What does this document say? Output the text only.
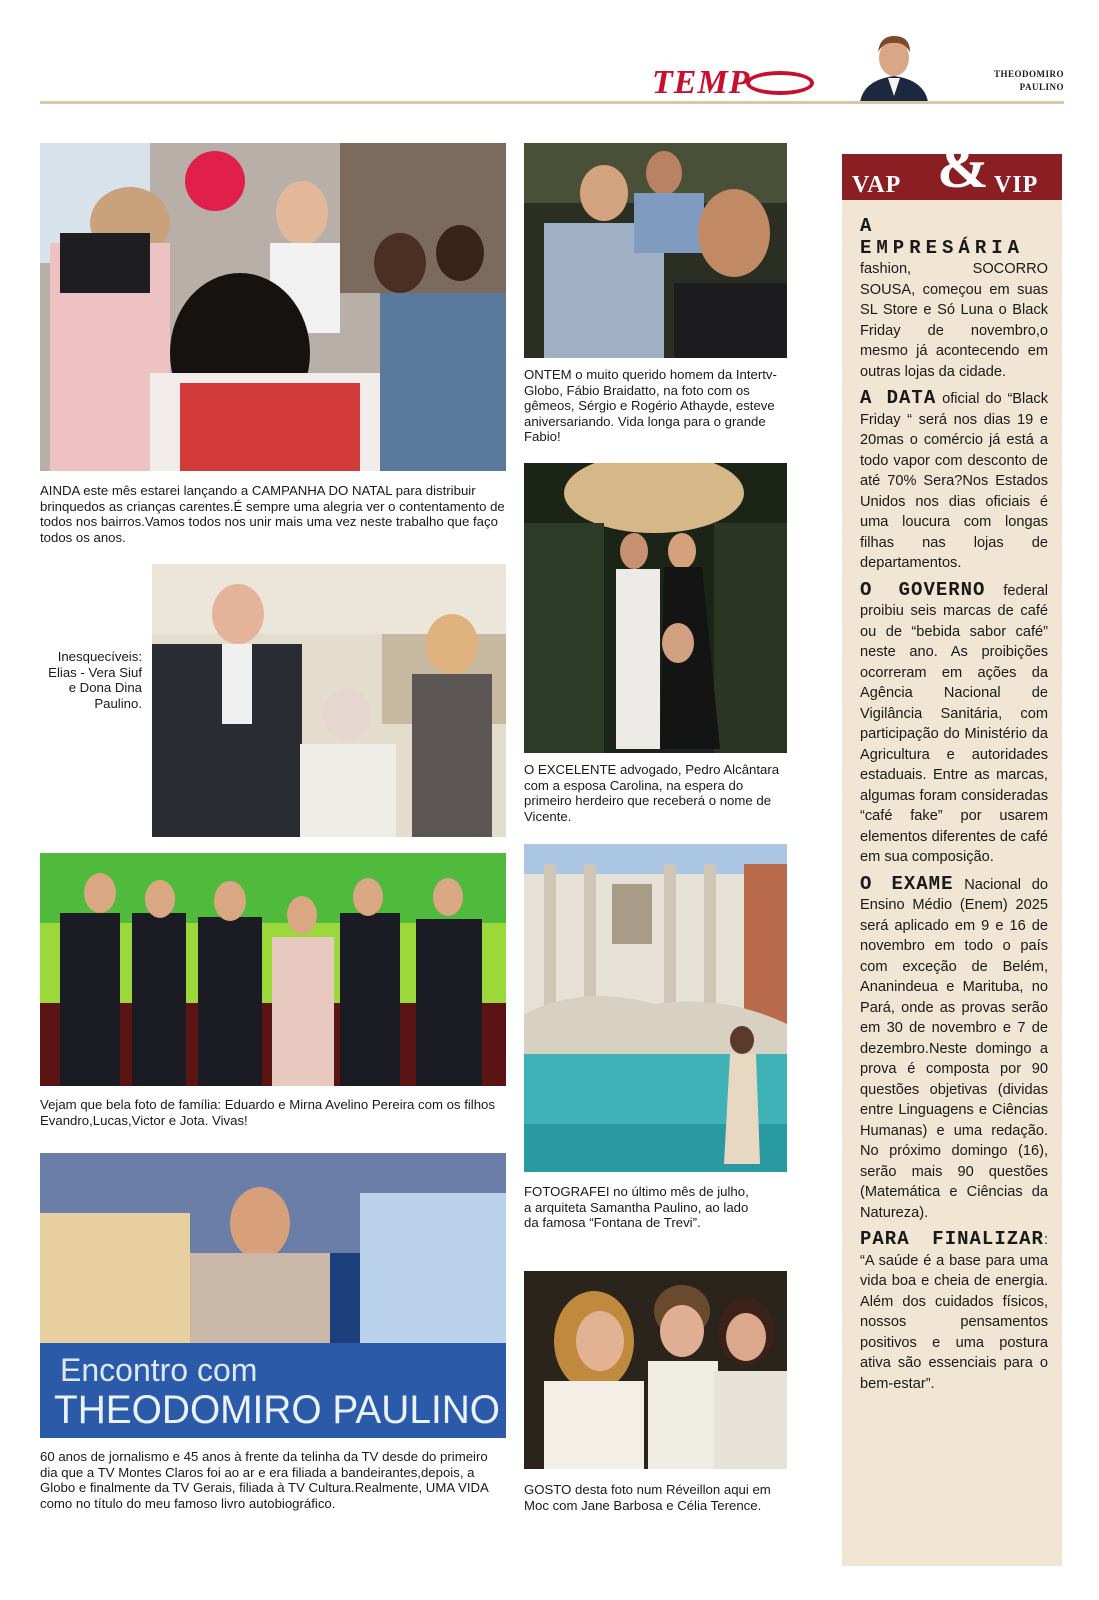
TEMP	THEODOMIRO
PAULINO
AINDA este mês estarei lançando a CAMPANHA DO NATAL para distribuir brinquedos as crianças carentes.É sempre uma alegria ver o contentamento de todos nos bairros.Vamos todos nos unir mais uma vez neste trabalho que faço todos os anos.
Inesquecíveis: Elias - Vera Siuf e Dona Dina Paulino.
Vejam que bela foto de família: Eduardo e Mirna Avelino Pereira com os filhos Evandro,Lucas,Victor e Jota. Vivas!
Encontro com
THEODOMIRO PAULINO
60 anos de jornalismo e 45 anos à frente da telinha da TV desde do primeiro dia que a TV Montes Claros foi ao ar e era filiada a bandeirantes,depois, a Globo e finalmente da TV Gerais, filiada à TV Cultura.Realmente, UMA VIDA como no título do meu famoso livro autobiográfico.
ONTEM o muito querido homem da Intertv-Globo, Fábio Braidatto, na foto com os gêmeos, Sérgio e Rogério Athayde, esteve aniversariando. Vida longa para o grande Fabio!
O EXCELENTE advogado, Pedro Alcântara com a esposa Carolina, na espera do primeiro herdeiro que receberá o nome de Vicente.
FOTOGRAFEI no último mês de julho, a arquiteta Samantha Paulino, ao lado da famosa “Fontana de Trevi”.
GOSTO desta foto num Réveillon aqui em Moc com Jane Barbosa e Célia Terence.
VAP & VIP

A EMPRESÁRIA fashion, SOCORRO SOUSA, começou em suas SL Store e Só Luna o Black Friday de novembro,o mesmo já acontecendo em outras lojas da cidade.

A DATA oficial do “Black Friday “ será nos dias 19 e 20mas o comércio já está a todo vapor com desconto de até 70% Sera?Nos Estados Unidos nos dias oficiais é uma loucura com longas filhas nas lojas de departamentos.

O GOVERNO federal proibiu seis marcas de café ou de “bebida sabor café” neste ano. As proibições ocorreram em ações da Agência Nacional de Vigilância Sanitária, com participação do Ministério da Agricultura e autoridades estaduais. Entre as marcas, algumas foram consideradas “café fake” por usarem elementos diferentes de café em sua composição.

O EXAME Nacional do Ensino Médio (Enem) 2025 será aplicado em 9 e 16 de novembro em todo o país com exceção de Belém, Ananindeua e Marituba, no Pará, onde as provas serão em 30 de novembro e 7 de dezembro.Neste domingo a prova é composta por 90 questões objetivas (dividas entre Linguagens e Ciências Humanas) e uma redação. No próximo domingo (16), serão mais 90 questões (Matemática e Ciências da Natureza).

PARA FINALIZAR: “A saúde é a base para uma vida boa e cheia de energia. Além dos cuidados físicos, nossos pensamentos positivos e uma postura ativa são essenciais para o bem-estar”.
